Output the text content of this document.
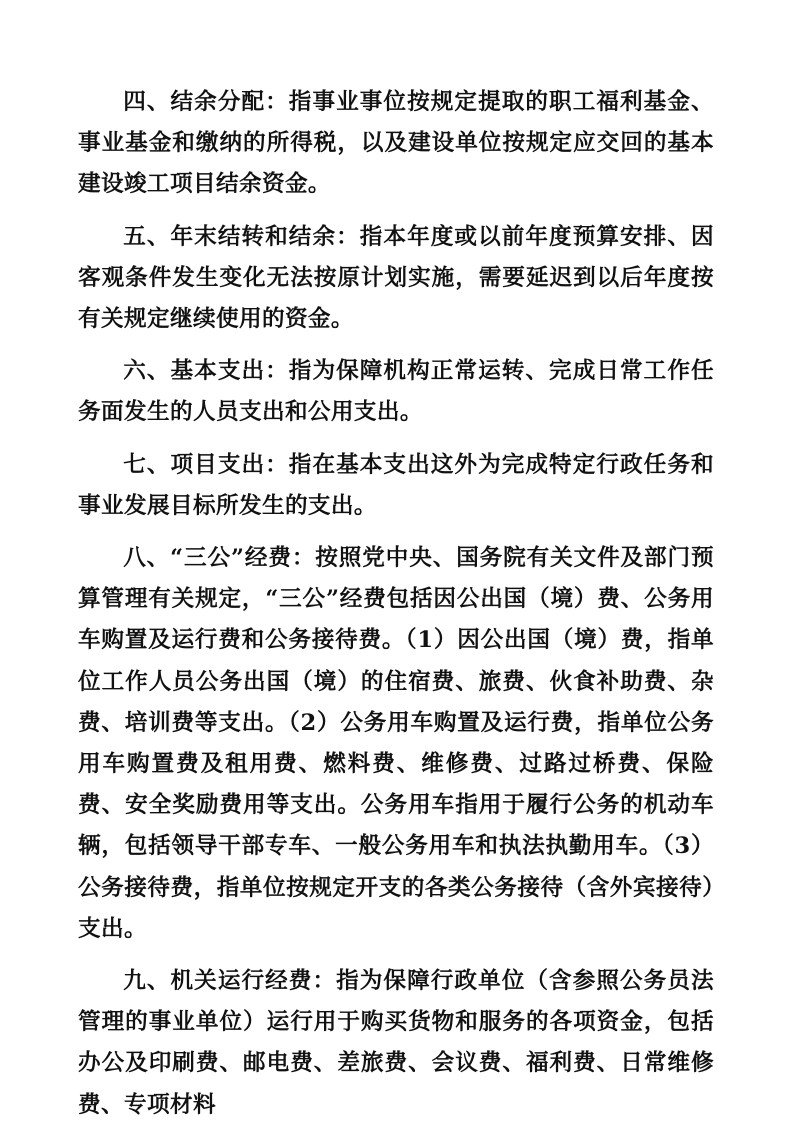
四、结余分配：指事业事位按规定提取的职工福利基金、事业基金和缴纳的所得税，以及建设单位按规定应交回的基本建设竣工项目结余资金。

五、年末结转和结余：指本年度或以前年度预算安排、因客观条件发生变化无法按原计划实施，需要延迟到以后年度按有关规定继续使用的资金。

六、基本支出：指为保障机构正常运转、完成日常工作任务面发生的人员支出和公用支出。

七、项目支出：指在基本支出这外为完成特定行政任务和事业发展目标所发生的支出。

八、“三公”经费：按照党中央、国务院有关文件及部门预算管理有关规定，“三公”经费包括因公出国（境）费、公务用车购置及运行费和公务接待费。（1）因公出国（境）费，指单位工作人员公务出国（境）的住宿费、旅费、伙食补助费、杂费、培训费等支出。（2）公务用车购置及运行费，指单位公务用车购置费及租用费、燃料费、维修费、过路过桥费、保险费、安全奖励费用等支出。公务用车指用于履行公务的机动车辆，包括领导干部专车、一般公务用车和执法执勤用车。（3）公务接待费，指单位按规定开支的各类公务接待（含外宾接待）支出。

九、机关运行经费：指为保障行政单位（含参照公务员法管理的事业单位）运行用于购买货物和服务的各项资金，包括办公及印刷费、邮电费、差旅费、会议费、福利费、日常维修费、专项材料
